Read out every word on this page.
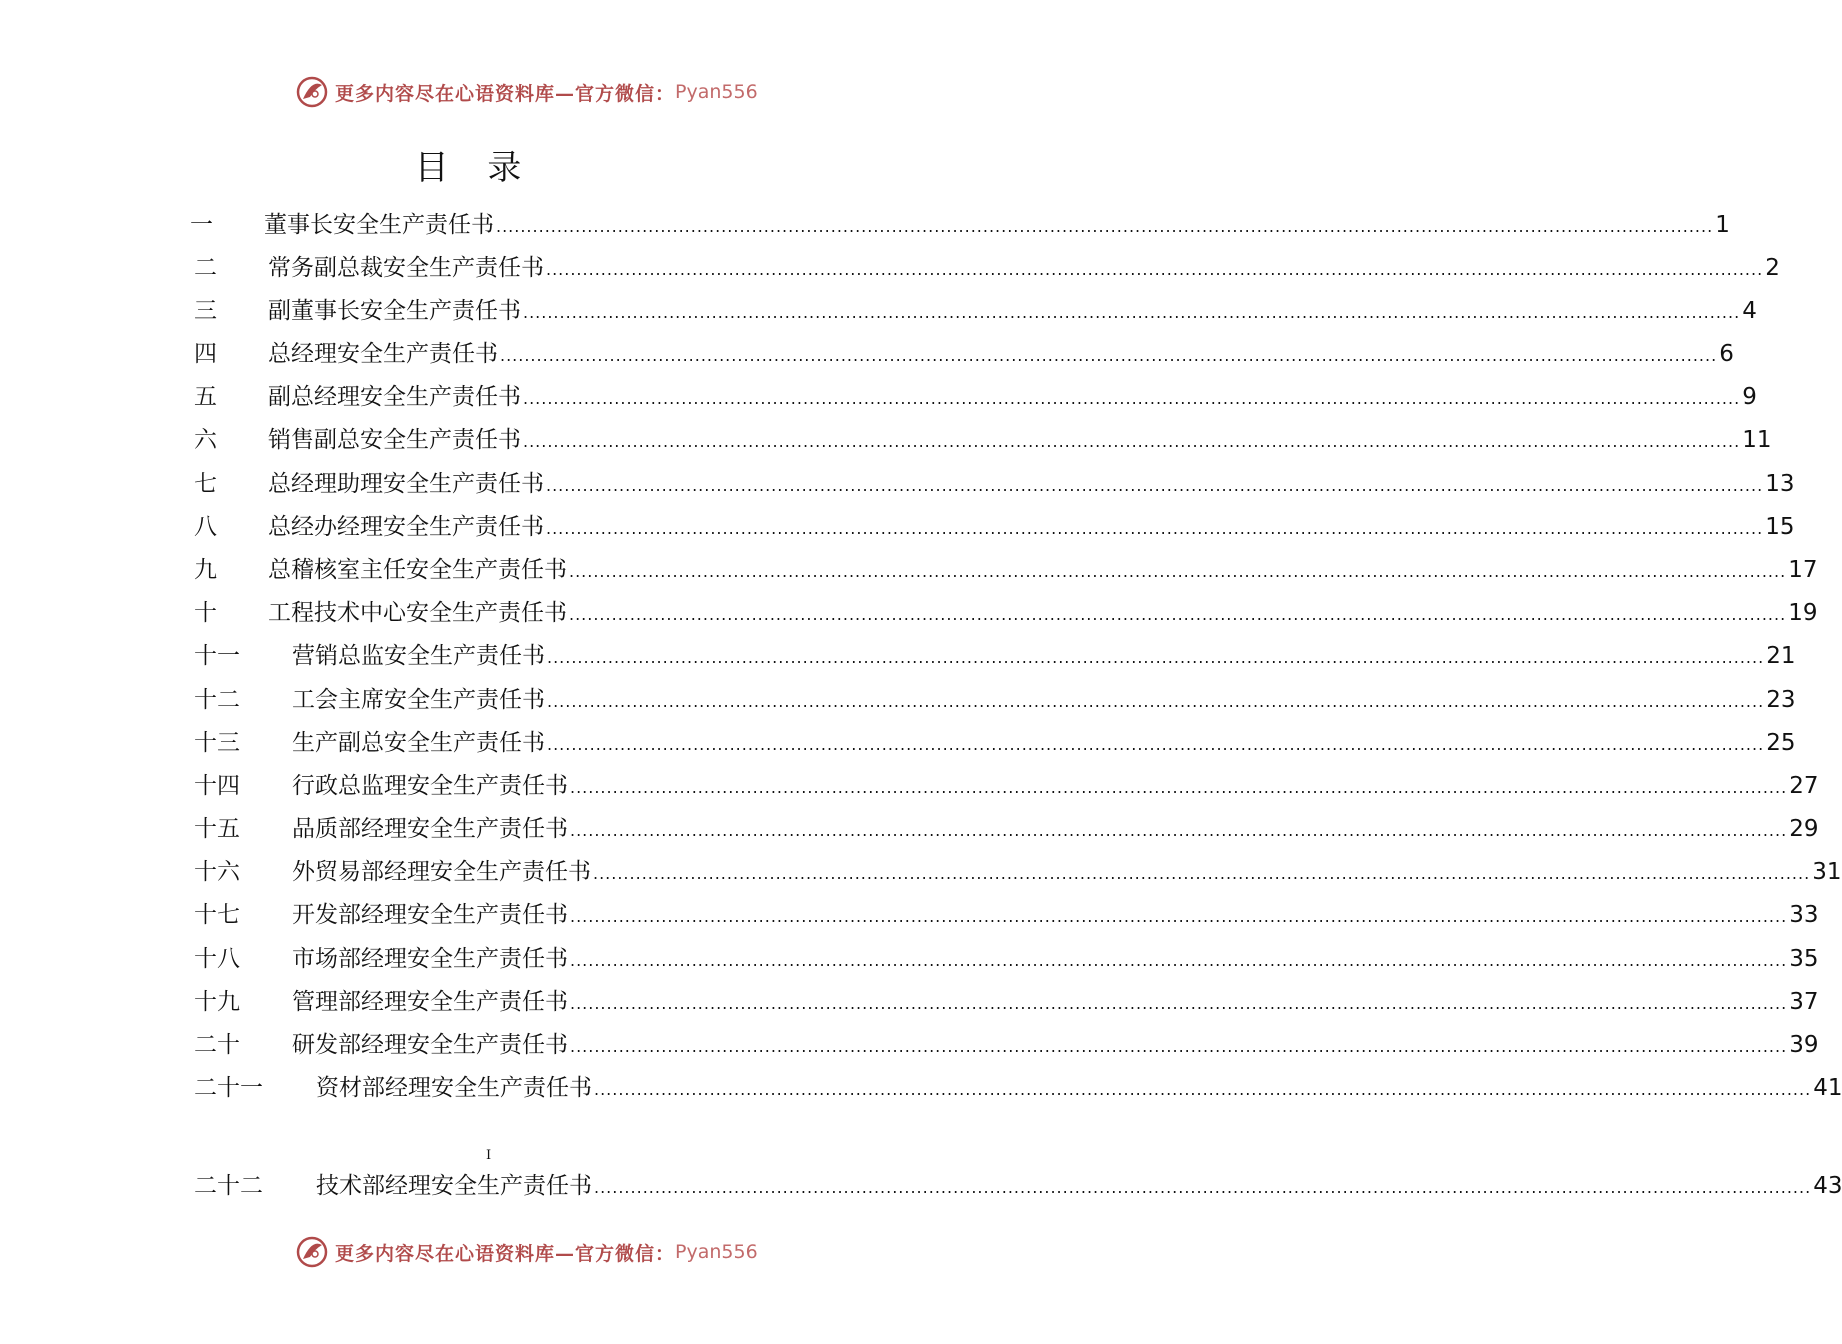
更多内容尽在心语资料库—官方微信： Pyan556
目 录
一	董事长安全生产责任书 ........................................................................................................................................................................................................ 1
二	常务副总裁安全生产责任书 ........................................................................................................................................................................................................ 2
三	副董事长安全生产责任书 ........................................................................................................................................................................................................ 4
四	总经理安全生产责任书 ........................................................................................................................................................................................................ 6
五	副总经理安全生产责任书 ........................................................................................................................................................................................................ 9
六	销售副总安全生产责任书 ........................................................................................................................................................................................................ 11
七	总经理助理安全生产责任书 ........................................................................................................................................................................................................ 13
八	总经办经理安全生产责任书 ........................................................................................................................................................................................................ 15
九	总稽核室主任安全生产责任书 ........................................................................................................................................................................................................ 17
十	工程技术中心安全生产责任书 ........................................................................................................................................................................................................ 19
十一	营销总监安全生产责任书 ........................................................................................................................................................................................................ 21
十二	工会主席安全生产责任书 ........................................................................................................................................................................................................ 23
十三	生产副总安全生产责任书 ........................................................................................................................................................................................................ 25
十四	行政总监理安全生产责任书 ........................................................................................................................................................................................................ 27
十五	品质部经理安全生产责任书 ........................................................................................................................................................................................................ 29
十六	外贸易部经理安全生产责任书 ........................................................................................................................................................................................................ 31
十七	开发部经理安全生产责任书 ........................................................................................................................................................................................................ 33
十八	市场部经理安全生产责任书 ........................................................................................................................................................................................................ 35
十九	管理部经理安全生产责任书 ........................................................................................................................................................................................................ 37
二十	研发部经理安全生产责任书 ........................................................................................................................................................................................................ 39
二十一	资材部经理安全生产责任书 ........................................................................................................................................................................................................ 41
二十二	技术部经理安全生产责任书 ........................................................................................................................................................................................................ 43
I
更多内容尽在心语资料库—官方微信： Pyan556
